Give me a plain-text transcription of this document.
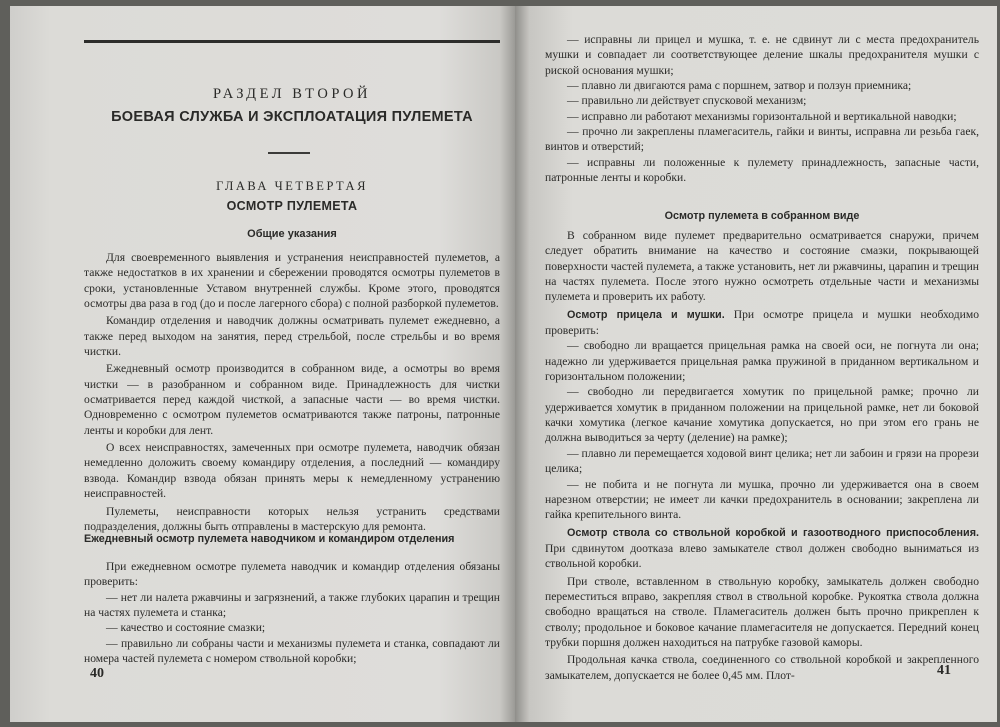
РАЗДЕЛ ВТОРОЙ
БОЕВАЯ СЛУЖБА И ЭКСПЛОАТАЦИЯ ПУЛЕМЕТА
ГЛАВА ЧЕТВЕРТАЯ
ОСМОТР ПУЛЕМЕТА
Общие указания

Для своевременного выявления и устранения неисправностей пулеметов, а также недостатков в их хранении и сбережении проводятся осмотры пулеметов в сроки, установленные Уставом внутренней службы. Кроме этого, проводятся осмотры два раза в год (до и после лагерного сбора) с полной разборкой пулеметов.

Командир отделения и наводчик должны осматривать пулемет ежедневно, а также перед выходом на занятия, перед стрельбой, после стрельбы и во время чистки.

Ежедневный осмотр производится в собранном виде, а осмотры во время чистки — в разобранном и собранном виде. Принадлежность для чистки осматривается перед каждой чисткой, а запасные части — во время чистки. Одновременно с осмотром пулеметов осматриваются также патроны, патронные ленты и коробки для лент.

О всех неисправностях, замеченных при осмотре пулемета, наводчик обязан немедленно доложить своему командиру отделения, а последний — командиру взвода. Командир взвода обязан принять меры к немедленному устранению неисправностей.

Пулеметы, неисправности которых нельзя устранить средствами подразделения, должны быть отправлены в мастерскую для ремонта.

Ежедневный осмотр пулемета наводчиком и командиром отделения

При ежедневном осмотре пулемета наводчик и командир отделения обязаны проверить:

— нет ли налета ржавчины и загрязнений, а также глубоких царапин и трещин на частях пулемета и станка;

— качество и состояние смазки;

— правильно ли собраны части и механизмы пулемета и станка, совпадают ли номера частей пулемета с номером ствольной коробки;

40

— исправны ли прицел и мушка, т. е. не сдвинут ли с места предохранитель мушки и совпадает ли соответствующее деление шкалы предохранителя мушки с риской основания мушки;

— плавно ли двигаются рама с поршнем, затвор и ползун приемника;

— правильно ли действует спусковой механизм;

— исправно ли работают механизмы горизонтальной и вертикальной наводки;

— прочно ли закреплены пламегаситель, гайки и винты, исправна ли резьба гаек, винтов и отверстий;

— исправны ли положенные к пулемету принадлежность, запасные части, патронные ленты и коробки.

Осмотр пулемета в собранном виде

В собранном виде пулемет предварительно осматривается снаружи, причем следует обратить внимание на качество и состояние смазки, покрывающей поверхности частей пулемета, а также установить, нет ли ржавчины, царапин и трещин на частях пулемета. После этого нужно осмотреть отдельные части и механизмы пулемета и проверить их работу.

Осмотр прицела и мушки. При осмотре прицела и мушки необходимо проверить:

— свободно ли вращается прицельная рамка на своей оси, не погнута ли она; надежно ли удерживается прицельная рамка пружиной в приданном вертикальном и горизонтальном положении;

— свободно ли передвигается хомутик по прицельной рамке; прочно ли удерживается хомутик в приданном положении на прицельной рамке, нет ли боковой качки хомутика (легкое качание хомутика допускается, но при этом его грань не должна выводиться за черту (деление) на рамке);

— плавно ли перемещается ходовой винт целика; нет ли забоин и грязи на прорези целика;

— не побита и не погнута ли мушка, прочно ли удерживается она в своем нарезном отверстии; не имеет ли качки предохранитель в основании; закреплена ли гайка крепительного винта.

Осмотр ствола со ствольной коробкой и газоотводного приспособления. При сдвинутом доотказа влево замыкателе ствол должен свободно выниматься из ствольной коробки.

При стволе, вставленном в ствольную коробку, замыкатель должен свободно переместиться вправо, закрепляя ствол в ствольной коробке. Рукоятка ствола должна свободно вращаться на стволе. Пламегаситель должен быть прочно прикреплен к стволу; продольное и боковое качание пламегасителя не допускается. Передний конец трубки поршня должен находиться на патрубке газовой каморы.

Продольная качка ствола, соединенного со ствольной коробкой и закрепленного замыкателем, допускается не более 0,45 мм. Плот-	41
